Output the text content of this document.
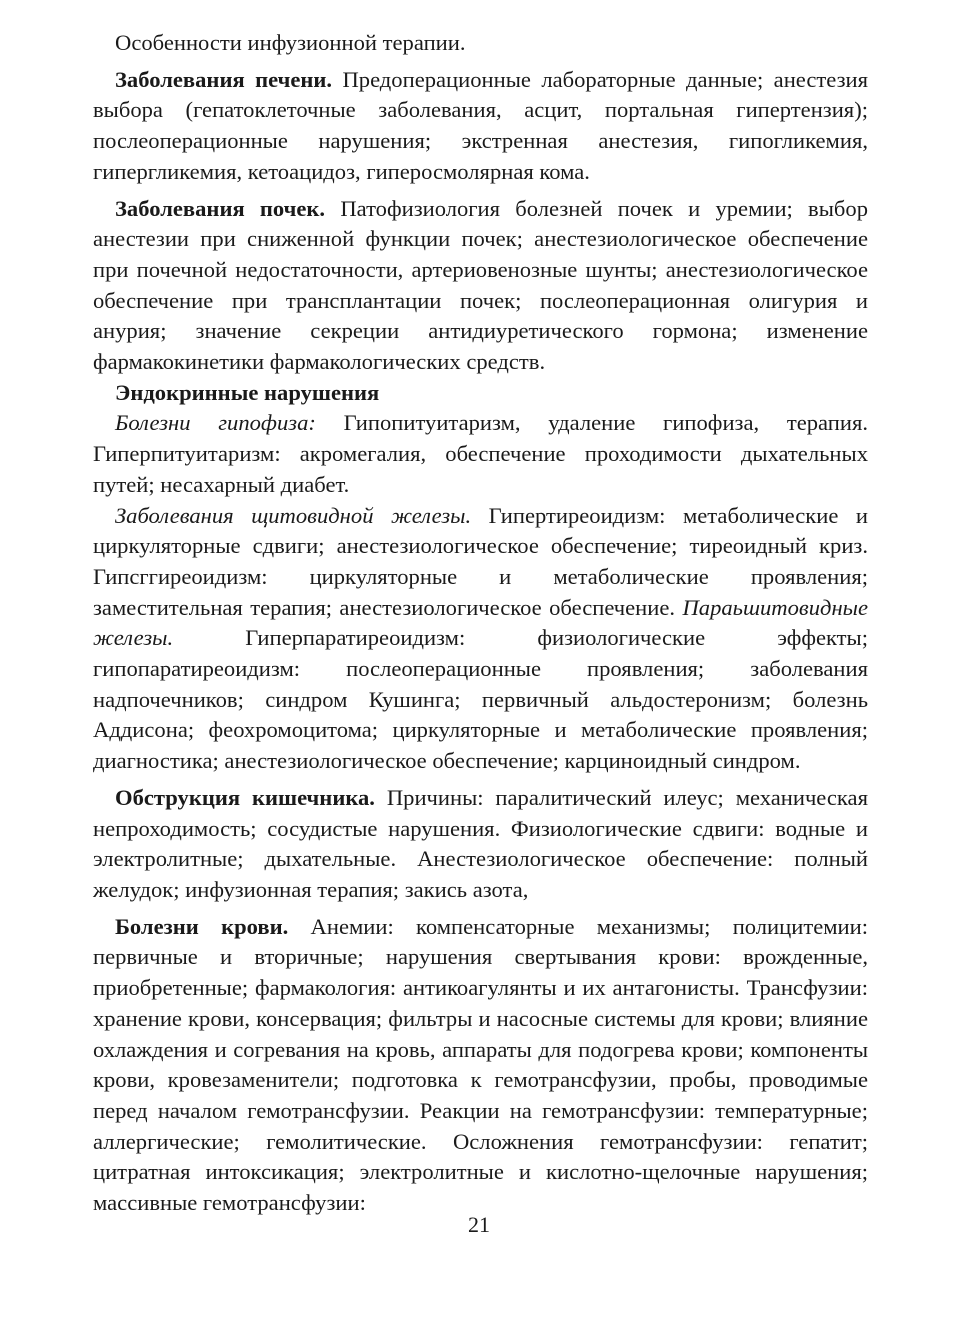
Особенности инфузионной терапии.

Заболевания печени. Предоперационные лабораторные данные; анестезия выбора (гепатоклеточные заболевания, асцит, портальная гипертензия); послеоперационные нарушения; экстренная анестезия, гипогликемия, гипергликемия, кетоацидоз, гиперосмолярная кома.

Заболевания почек. Патофизиология болезней почек и уремии; выбор анестезии при сниженной функции почек; анестезиологическое обеспечение при почечной недостаточности, артериовенозные шунты; анестезиологическое обеспечение при трансплантации почек; послеоперационная олигурия и анурия; значение секреции антидиуретического гормона; изменение фармакокинетики фармакологических средств.

Эндокринные нарушения

Болезни гипофиза: Гипопитуитаризм, удаление гипофиза, терапия. Гиперпитуитаризм: акромегалия, обеспечение проходимости дыхательных путей; несахарный диабет.

Заболевания щитовидной железы. Гипертиреоидизм: метаболические и циркуляторные сдвиги; анестезиологическое обеспечение; тиреоидный криз. Гипсггиреоидизм: циркуляторные и метаболические проявления; заместительная терапия; анестезиологическое обеспечение. Параьшитовидные железы. Гиперпаратиреоидизм: физиологические эффекты; гипопаратиреоидизм: послеоперационные проявления; заболевания надпочечников; синдром Кушинга; первичный альдостеронизм; болезнь Аддисона; феохромоцитома; циркуляторные и метаболические проявления; диагностика; анестезиологическое обеспечение; карциноидный синдром.

Обструкция кишечника. Причины: паралитический илеус; механическая непроходимость; сосудистые нарушения. Физиологические сдвиги: водные и электролитные; дыхательные. Анестезиологическое обеспечение: полный желудок; инфузионная терапия; закись азота,

Болезни крови. Анемии: компенсаторные механизмы; полицитемии: первичные и вторичные; нарушения свертывания крови: врожденные, приобретенные; фармакология: антикоагулянты и их антагонисты. Трансфузии: хранение крови, консервация; фильтры и насосные системы для крови; влияние охлаждения и согревания на кровь, аппараты для подогрева крови; компоненты крови, кровезаменители; подготовка к гемотрансфузии, пробы, проводимые перед началом гемотрансфузии. Реакции на гемотрансфузии: температурные; аллергические; гемолитические. Осложнения гемотрансфузии: гепатит; цитратная интоксикация; электролитные и кислотно-щелочные нарушения; массивные гемотрансфузии:

21
